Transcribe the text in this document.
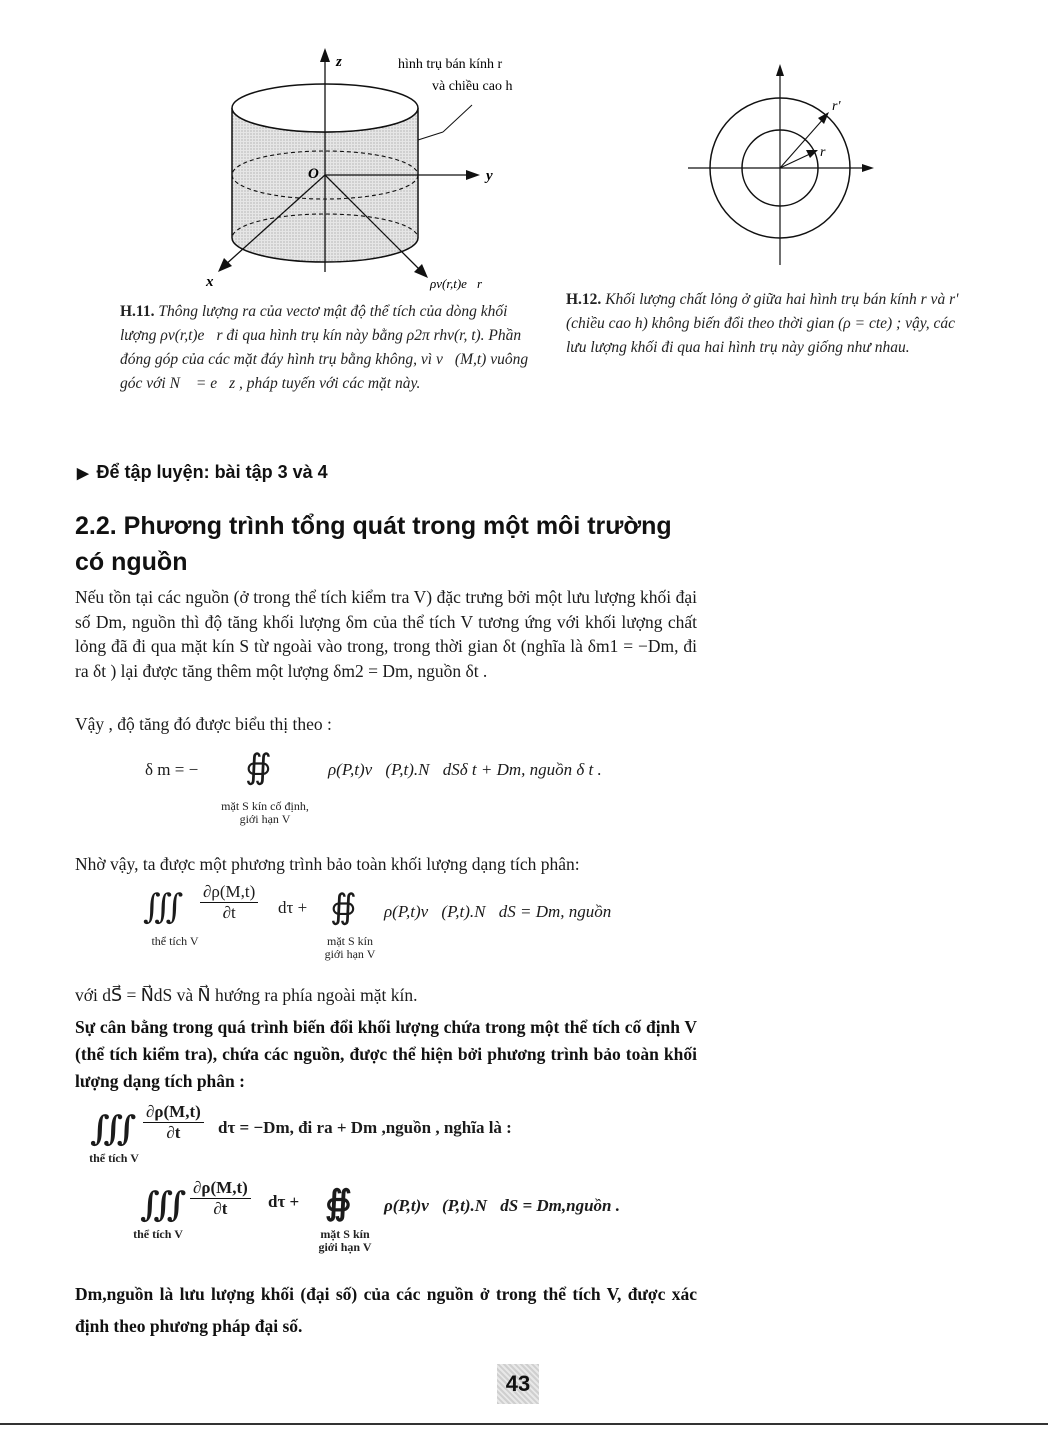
z
y
x
O
hình trụ bán kính r
và chiều cao h
ρv(r,t)e⃗r
r'
r
H.11. Thông lượng ra của vectơ mật độ thể tích của dòng khối lượng ρv(r,t)e⃗r đi qua hình trụ kín này bằng ρ2π rhv(r, t). Phần đóng góp của các mặt đáy hình trụ bằng không, vì v⃗(M,t) vuông góc với N⃗ = e⃗z , pháp tuyến với các mặt này.
H.12. Khối lượng chất lỏng ở giữa hai hình trụ bán kính r và r' (chiều cao h) không biến đổi theo thời gian (ρ = cte) ; vậy, các lưu lượng khối đi qua hai hình trụ này giống như nhau.
▶ Để tập luyện: bài tập 3 và 4
2.2. Phương trình tổng quát trong một môi trường
có nguồn
Nếu tồn tại các nguồn (ở trong thể tích kiểm tra V) đặc trưng bởi một lưu lượng khối đại số Dm, nguồn thì độ tăng khối lượng δm của thể tích V tương ứng với khối lượng chất lỏng đã đi qua mặt kín S từ ngoài vào trong, trong thời gian δt (nghĩa là δm1 = −Dm, đi ra δt ) lại được tăng thêm một lượng δm2 = Dm, nguồn δt .
Vậy , độ tăng đó được biểu thị theo :
δ m = − ∯	ρ(P,t)v⃗(P,t).N⃗dSδ t + Dm, nguồn δ t .
mặt S kín cố định,
giới hạn V
Nhờ vậy, ta được một phương trình bảo toàn khối lượng dạng tích phân:
∭ $\frac{\partial\rho(M,t)}{\partial t}$ dτ + ∯ ρ(P,t)v⃗(P,t).N⃗dS = Dm, nguồn
thể tích V	mặt S kín
giới hạn V
với dS⃗ = N⃗dS và N⃗ hướng ra phía ngoài mặt kín.
Sự cân bằng trong quá trình biến đổi khối lượng chứa trong một thể tích cố định V (thể tích kiểm tra), chứa các nguồn, được thể hiện bởi phương trình bảo toàn khối lượng dạng tích phân :
∭ $\frac{\partial\rho(M,t)}{\partial t}$ dτ = −Dm, đi ra + Dm ,nguồn , nghĩa là :
thể tích V
∭ $\frac{\partial\rho(M,t)}{\partial t}$ dτ + ∯ ρ(P,t)v⃗(P,t).N⃗dS = Dm,nguồn .
thể tích V	mặt S kín
giới hạn V
Dm,nguồn là lưu lượng khối (đại số) của các nguồn ở trong thể tích V, được xác định theo phương pháp đại số.
43
